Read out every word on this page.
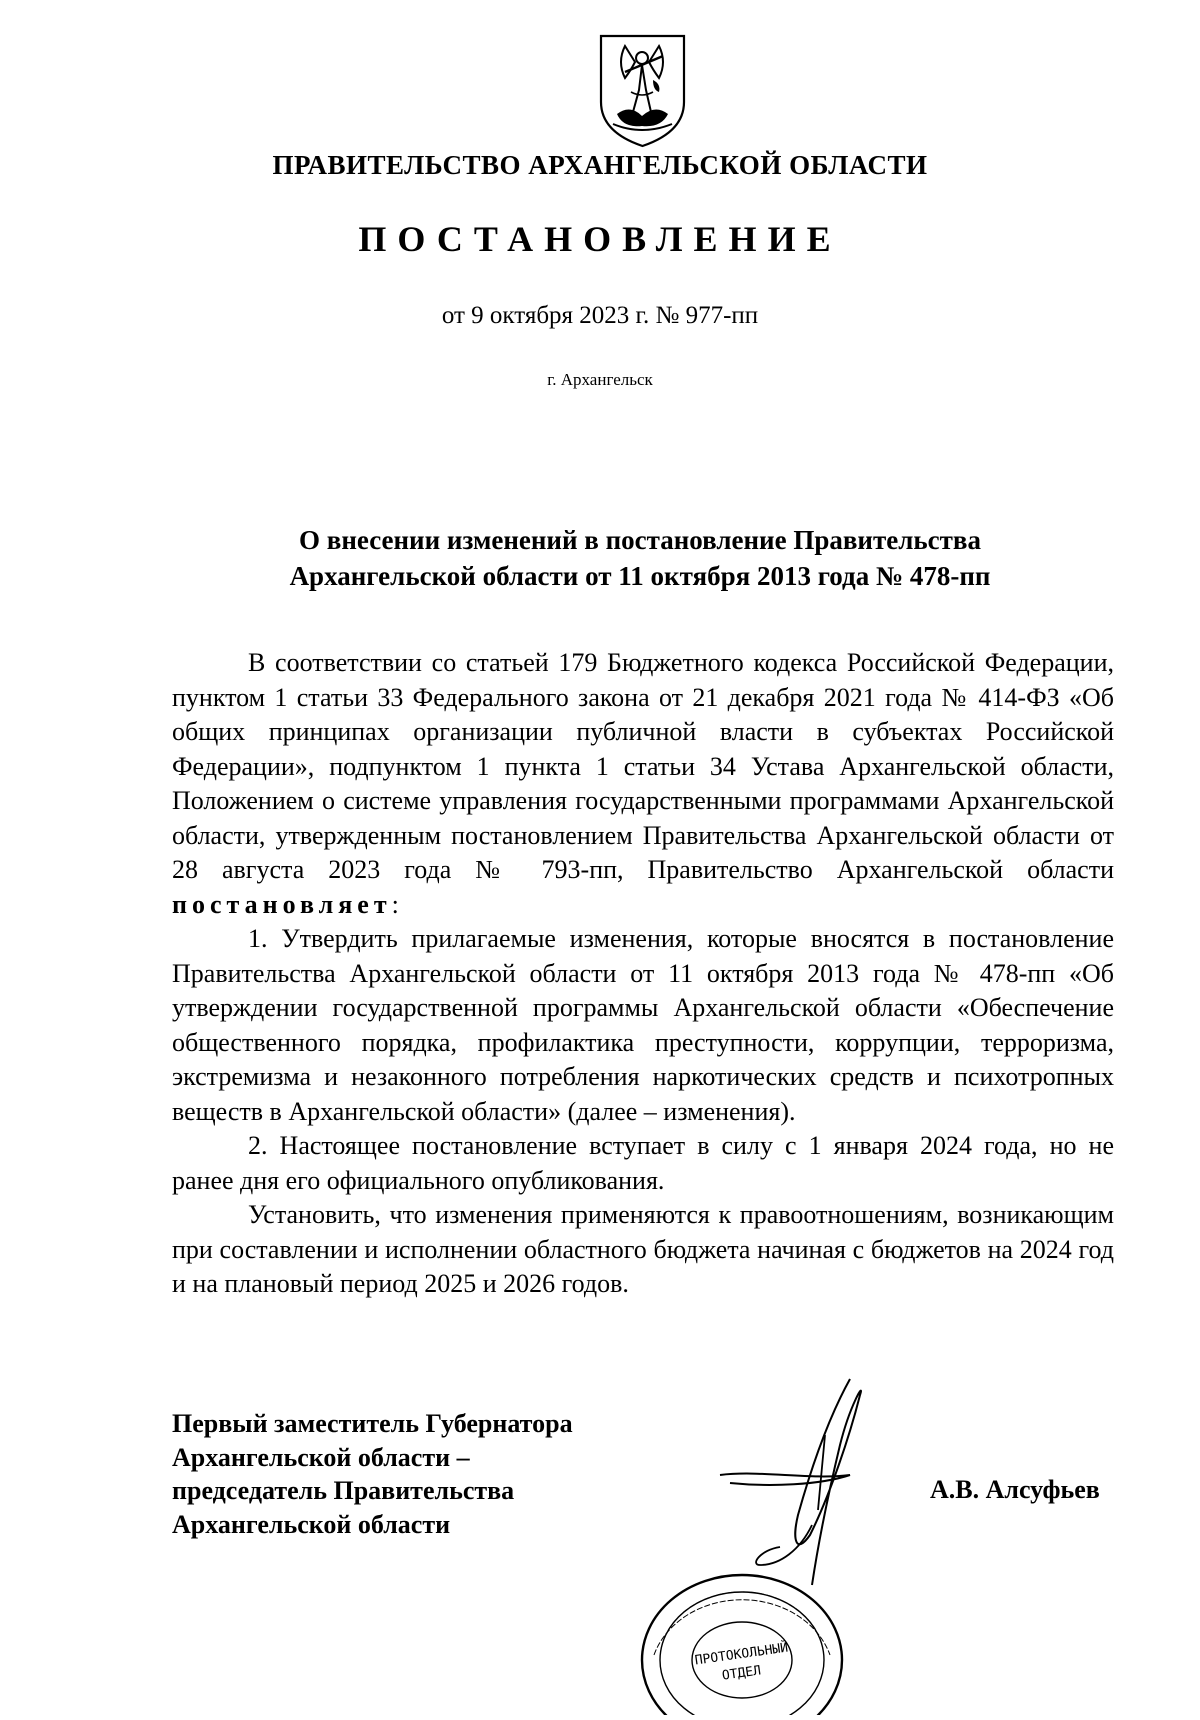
ПРАВИТЕЛЬСТВО АРХАНГЕЛЬСКОЙ ОБЛАСТИ
ПОСТАНОВЛЕНИЕ
от 9 октября 2023 г. № 977-пп
г. Архангельск
О внесении изменений в постановление Правительства
Архангельской области от 11 октября 2013 года № 478-пп

В соответствии со статьей 179 Бюджетного кодекса Российской Федерации, пунктом 1 статьи 33 Федерального закона от 21 декабря 2021 года № 414-ФЗ «Об общих принципах организации публичной власти в субъектах Российской Федерации», подпунктом 1 пункта 1 статьи 34 Устава Архангельской области, Положением о системе управления государственными программами Архангельской области, утвержденным постановлением Правительства Архангельской области от 28 августа 2023 года № 793-пп, Правительство Архангельской области постановляет:

1. Утвердить прилагаемые изменения, которые вносятся в постановление Правительства Архангельской области от 11 октября 2013 года № 478-пп «Об утверждении государственной программы Архангельской области «Обеспечение общественного порядка, профилактика преступности, коррупции, терроризма, экстремизма и незаконного потребления наркотических средств и психотропных веществ в Архангельской области» (далее – изменения).

2. Настоящее постановление вступает в силу с 1 января 2024 года, но не ранее дня его официального опубликования.

Установить, что изменения применяются к правоотношениям, возникающим при составлении и исполнении областного бюджета начиная с бюджетов на 2024 год и на плановый период 2025 и 2026 годов.

Первый заместитель Губернатора
Архангельской области –
председатель Правительства
Архангельской области
А.В. Алсуфьев
ПРОТОКОЛЬНЫЙ
ОТДЕЛ
